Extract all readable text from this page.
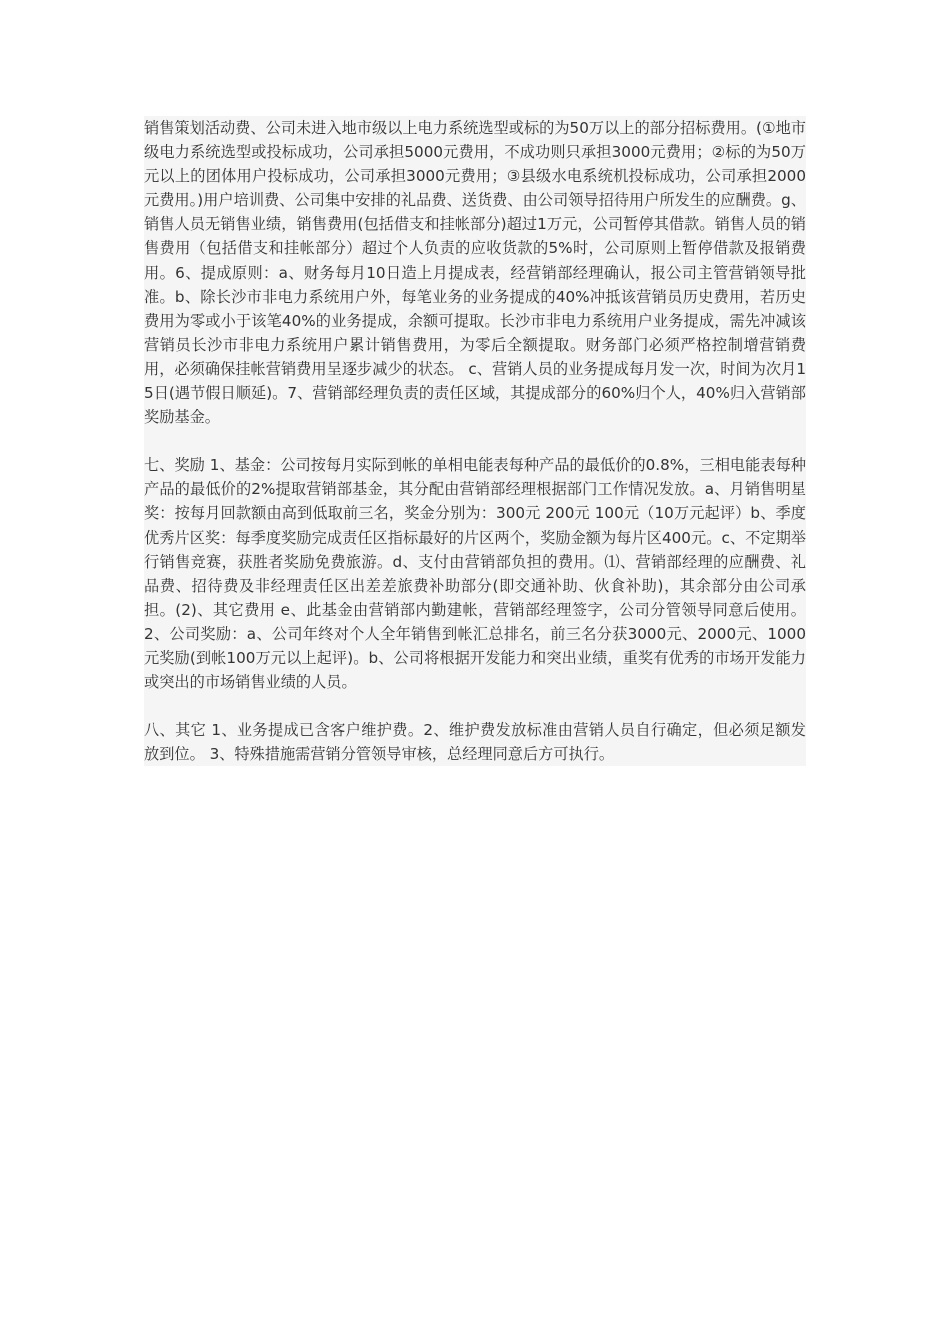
销售策划活动费、公司未进入地市级以上电力系统选型或标的为50万以上的部分招标费用。(①地市级电力系统选型或投标成功，公司承担5000元费用，不成功则只承担3000元费用；②标的为50万元以上的团体用户投标成功，公司承担3000元费用；③县级水电系统机投标成功，公司承担2000元费用。)用户培训费、公司集中安排的礼品费、送货费、由公司领导招待用户所发生的应酬费。g、销售人员无销售业绩，销售费用(包括借支和挂帐部分)超过1万元，公司暂停其借款。销售人员的销售费用（包括借支和挂帐部分）超过个人负责的应收货款的5%时，公司原则上暂停借款及报销费用。6、提成原则：a、财务每月10日造上月提成表，经营销部经理确认，报公司主管营销领导批准。b、除长沙市非电力系统用户外，每笔业务的业务提成的40%冲抵该营销员历史费用，若历史费用为零或小于该笔40%的业务提成，余额可提取。长沙市非电力系统用户业务提成，需先冲减该营销员长沙市非电力系统用户累计销售费用，为零后全额提取。财务部门必须严格控制增营销费用，必须确保挂帐营销费用呈逐步减少的状态。 c、营销人员的业务提成每月发一次，时间为次月15日(遇节假日顺延)。7、营销部经理负责的责任区域，其提成部分的60%归个人，40%归入营销部奖励基金。

七、奖励 1、基金：公司按每月实际到帐的单相电能表每种产品的最低价的0.8%，三相电能表每种产品的最低价的2%提取营销部基金，其分配由营销部经理根据部门工作情况发放。a、月销售明星奖：按每月回款额由高到低取前三名，奖金分别为：300元 200元 100元（10万元起评）b、季度优秀片区奖：每季度奖励完成责任区指标最好的片区两个，奖励金额为每片区400元。c、不定期举行销售竞赛，获胜者奖励免费旅游。d、支付由营销部负担的费用。⑴、营销部经理的应酬费、礼品费、招待费及非经理责任区出差差旅费补助部分(即交通补助、伙食补助)，其余部分由公司承担。(2)、其它费用 e、此基金由营销部内勤建帐，营销部经理签字，公司分管领导同意后使用。2、公司奖励：a、公司年终对个人全年销售到帐汇总排名，前三名分获3000元、2000元、1000元奖励(到帐100万元以上起评)。b、公司将根据开发能力和突出业绩，重奖有优秀的市场开发能力或突出的市场销售业绩的人员。

八、其它 1、业务提成已含客户维护费。2、维护费发放标准由营销人员自行确定，但必须足额发放到位。 3、特殊措施需营销分管领导审核，总经理同意后方可执行。
